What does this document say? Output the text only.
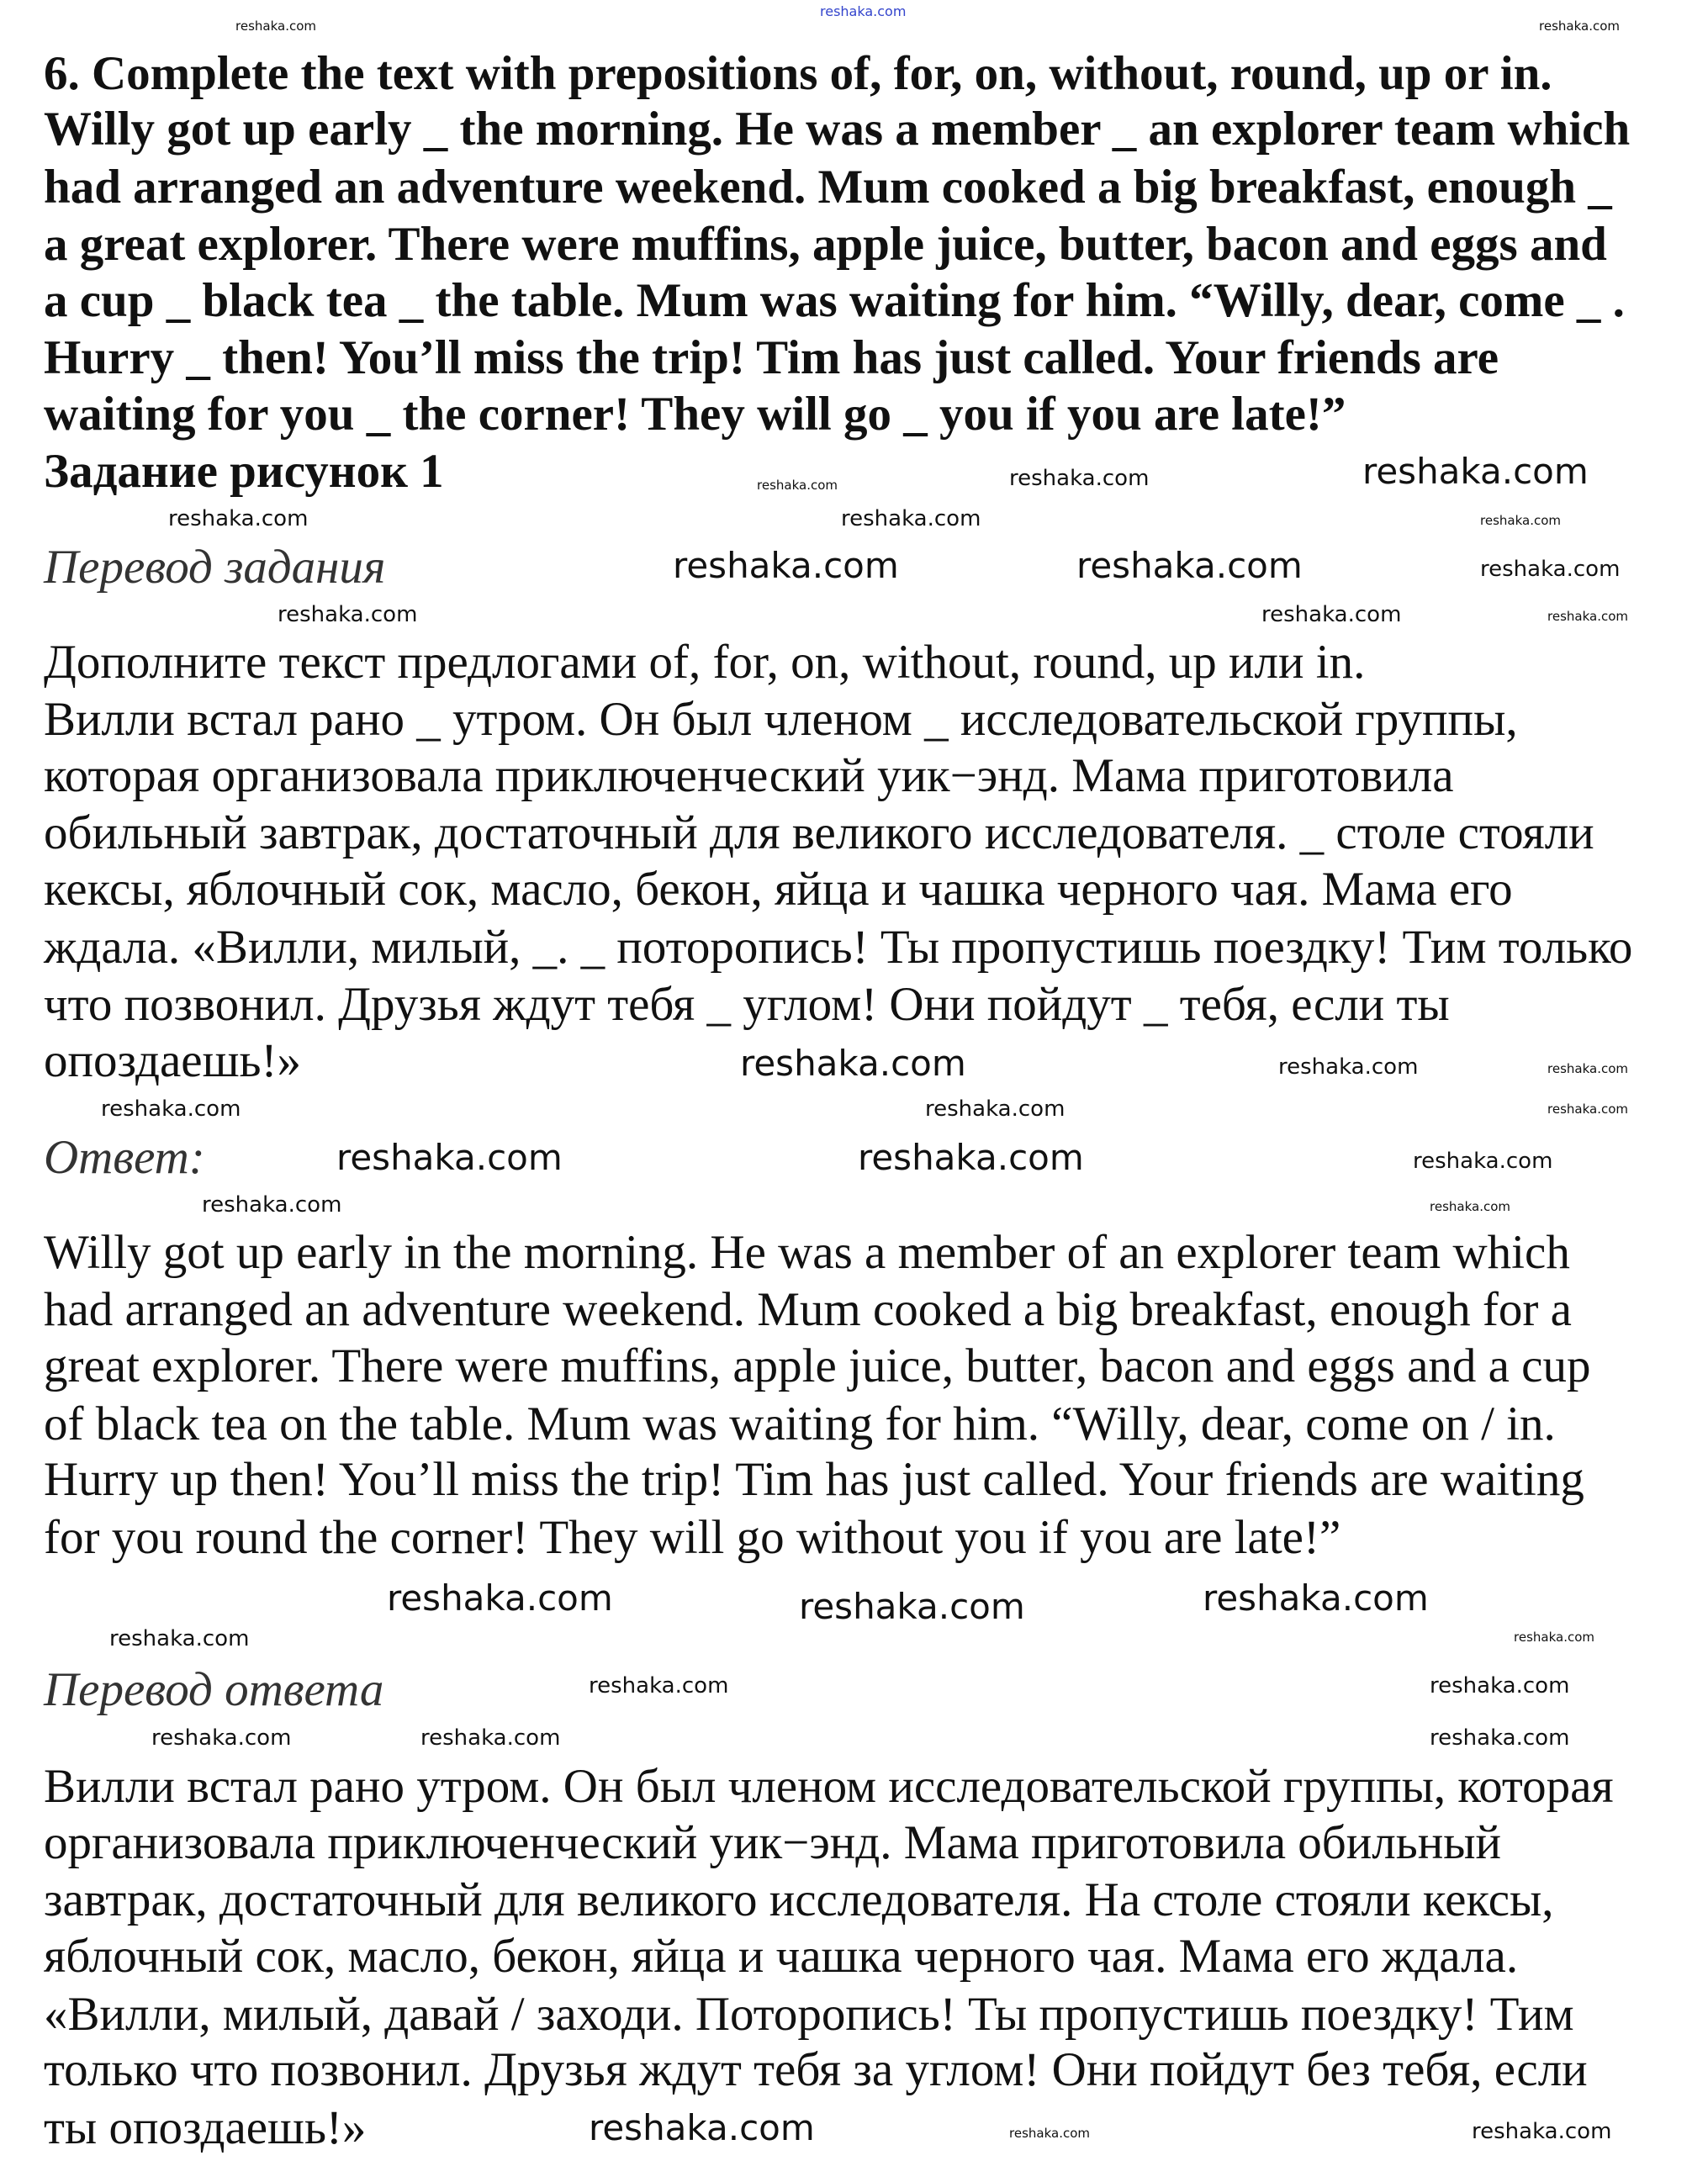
6. Complete the text with prepositions of, for, on, without, round, up or in.
Willy got up early _ the morning. He was a member _ an explorer team which
had arranged an adventure weekend. Mum cooked a big breakfast, enough _
a great explorer. There were muffins, apple juice, butter, bacon and eggs and
a cup _ black tea _ the table. Mum was waiting for him. “Willy, dear, come _ .
Hurry _ then! You’ll miss the trip! Tim has just called. Your friends are
waiting for you _ the corner! They will go _ you if you are late!”
Задание рисунок 1
Перевод задания
Дополните текст предлогами of, for, on, without, round, up или in.
Вилли встал рано _ утром. Он был членом _ исследовательской группы,
которая организовала приключенческий уик−энд. Мама приготовила
обильный завтрак, достаточный для великого исследователя. _ столе стояли
кексы, яблочный сок, масло, бекон, яйца и чашка черного чая. Мама его
ждала. «Вилли, милый, _. _ поторопись! Ты пропустишь поездку! Тим только
что позвонил. Друзья ждут тебя _ углом! Они пойдут _ тебя, если ты
опоздаешь!»
Ответ:
Willy got up early in the morning. He was a member of an explorer team which
had arranged an adventure weekend. Mum cooked a big breakfast, enough for a
great explorer. There were muffins, apple juice, butter, bacon and eggs and a cup
of black tea on the table. Mum was waiting for him. “Willy, dear, come on / in.
Hurry up then! You’ll miss the trip! Tim has just called. Your friends are waiting
for you round the corner! They will go without you if you are late!”
Перевод ответа
Вилли встал рано утром. Он был членом исследовательской группы, которая
организовала приключенческий уик−энд. Мама приготовила обильный
завтрак, достаточный для великого исследователя. На столе стояли кексы,
яблочный сок, масло, бекон, яйца и чашка черного чая. Мама его ждала.
«Вилли, милый, давай / заходи. Поторопись! Ты пропустишь поездку! Тим
только что позвонил. Друзья ждут тебя за углом! Они пойдут без тебя, если
ты опоздаешь!»
reshaka.com
reshaka.com
reshaka.com
reshaka.com
reshaka.com
reshaka.com
reshaka.com	reshaka.com	reshaka.com
reshaka.com	reshaka.com	reshaka.com
reshaka.com	reshaka.com	reshaka.com
reshaka.com	reshaka.com	reshaka.com
reshaka.com	reshaka.com	reshaka.com
reshaka.com	reshaka.com	reshaka.com
reshaka.com	reshaka.com
reshaka.com	reshaka.com	reshaka.com
reshaka.com	reshaka.com
reshaka.com	reshaka.com
reshaka.com	reshaka.com	reshaka.com
reshaka.com	reshaka.com
reshaka.com
